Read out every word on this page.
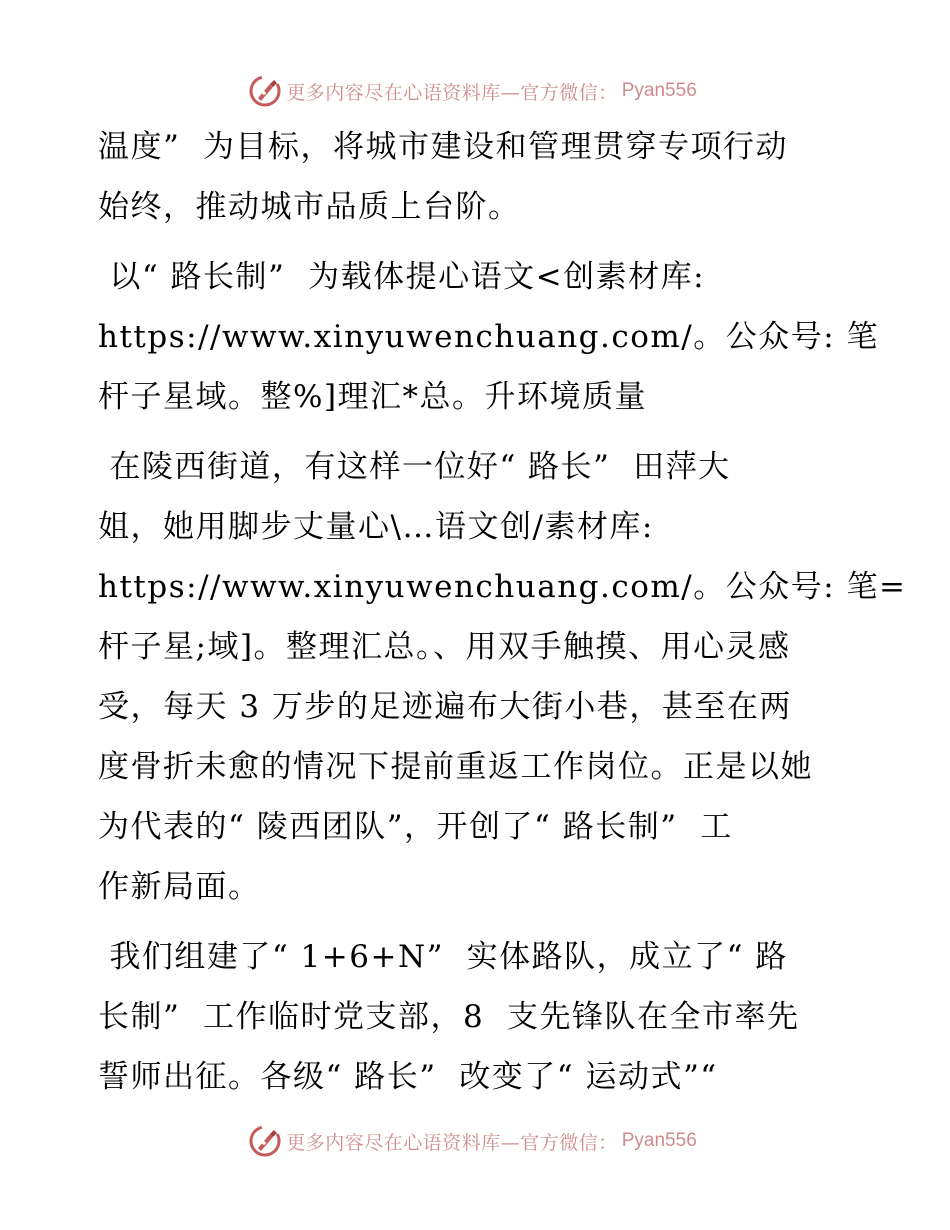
更多内容尽在心语资料库—官方微信： Pyan556
温度”  为目标，将城市建设和管理贯穿专项行动
始终，推动城市品质上台阶。
以“ 路长制”  为载体提心语文<创素材库:
https://www.xinyuwenchuang.com/。公众号: 笔
杆子星域。整%]理汇*总。升环境质量
在陵西街道，有这样一位好“ 路长”  田萍大
姐，她用脚步丈量心\…语文创/素材库:
https://www.xinyuwenchuang.com/。公众号: 笔=
杆子星;域]。整理汇总。、用双手触摸、用心灵感
受，每天 3 万步的足迹遍布大街小巷，甚至在两
度骨折未愈的情况下提前重返工作岗位。正是以她
为代表的“ 陵西团队”，开创了“ 路长制”  工
作新局面。
我们组建了“ 1+6+N”  实体路队，成立了“ 路
长制”  工作临时党支部，8  支先锋队在全市率先
誓师出征。各级“ 路长”  改变了“ 运动式”“
更多内容尽在心语资料库—官方微信： Pyan556
